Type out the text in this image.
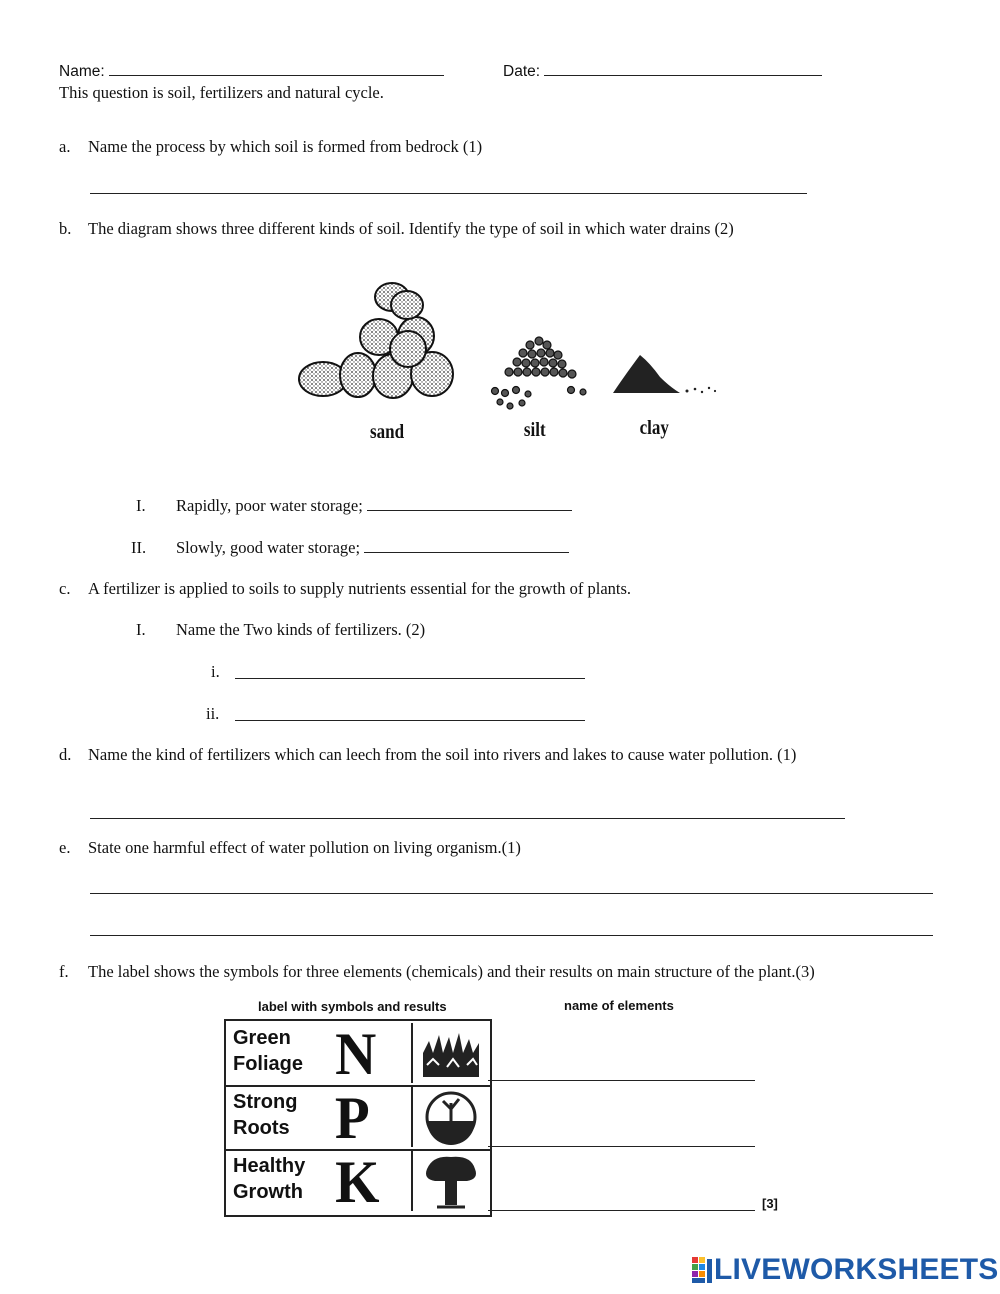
Name:	Date:
This question is soil, fertilizers and natural cycle.
a. Name the process by which soil is formed from bedrock (1)
b. The diagram shows three different kinds of soil. Identify the type of soil in which water drains (2)
sand	silt	clay
I. Rapidly, poor water storage;
II. Slowly, good water storage;
c. A fertilizer is applied to soils to supply nutrients essential for the growth of plants.
I. Name the Two kinds of fertilizers. (2)
i.
ii.
d. Name the kind of fertilizers which can leech from the soil into rivers and lakes to cause water pollution. (1)
e. State one harmful effect of water pollution on living organism.(1)
f. The label shows the symbols for three elements (chemicals) and their results on main structure of the plant.(3)
label with symbols and results	name of elements
Green
Foliage N
Strong
Roots P
Healthy
Growth K	[3]
LIVEWORKSHEETS
